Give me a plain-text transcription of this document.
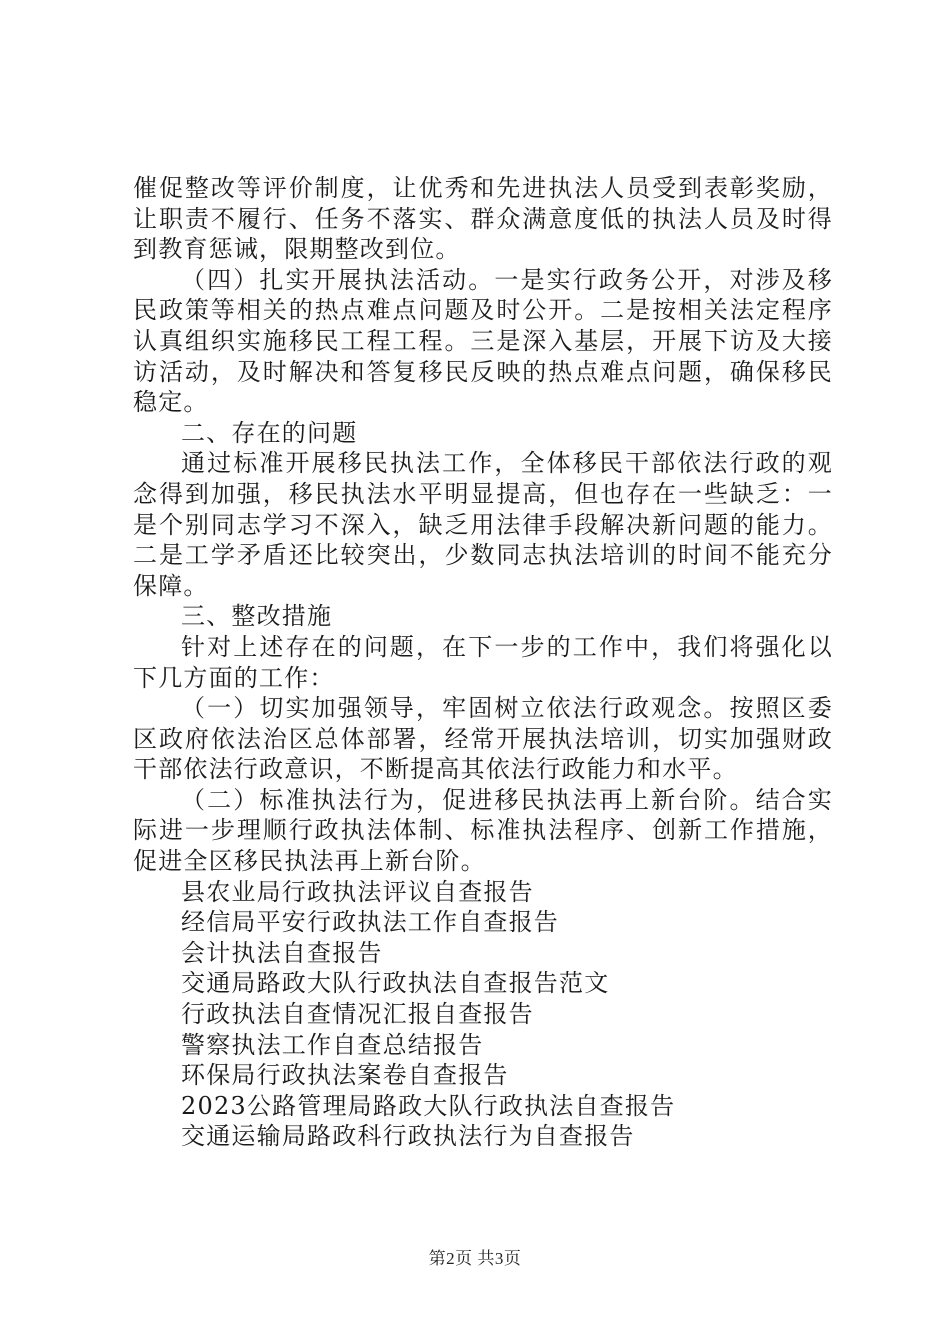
催促整改等评价制度，让优秀和先进执法人员受到表彰奖励，让职责不履行、任务不落实、群众满意度低的执法人员及时得到教育惩诫，限期整改到位。

（四）扎实开展执法活动。一是实行政务公开，对涉及移民政策等相关的热点难点问题及时公开。二是按相关法定程序认真组织实施移民工程工程。三是深入基层，开展下访及大接访活动，及时解决和答复移民反映的热点难点问题，确保移民稳定。

二、存在的问题

通过标准开展移民执法工作，全体移民干部依法行政的观念得到加强，移民执法水平明显提高，但也存在一些缺乏：一是个别同志学习不深入，缺乏用法律手段解决新问题的能力。二是工学矛盾还比较突出，少数同志执法培训的时间不能充分保障。

三、整改措施

针对上述存在的问题，在下一步的工作中，我们将强化以下几方面的工作：

（一）切实加强领导，牢固树立依法行政观念。按照区委区政府依法治区总体部署，经常开展执法培训，切实加强财政干部依法行政意识，不断提高其依法行政能力和水平。

（二）标准执法行为，促进移民执法再上新台阶。结合实际进一步理顺行政执法体制、标准执法程序、创新工作措施，促进全区移民执法再上新台阶。

县农业局行政执法评议自查报告
经信局平安行政执法工作自查报告
会计执法自查报告
交通局路政大队行政执法自查报告范文
行政执法自查情况汇报自查报告
警察执法工作自查总结报告
环保局行政执法案卷自查报告
2023公路管理局路政大队行政执法自查报告
交通运输局路政科行政执法行为自查报告
第2页 共3页
